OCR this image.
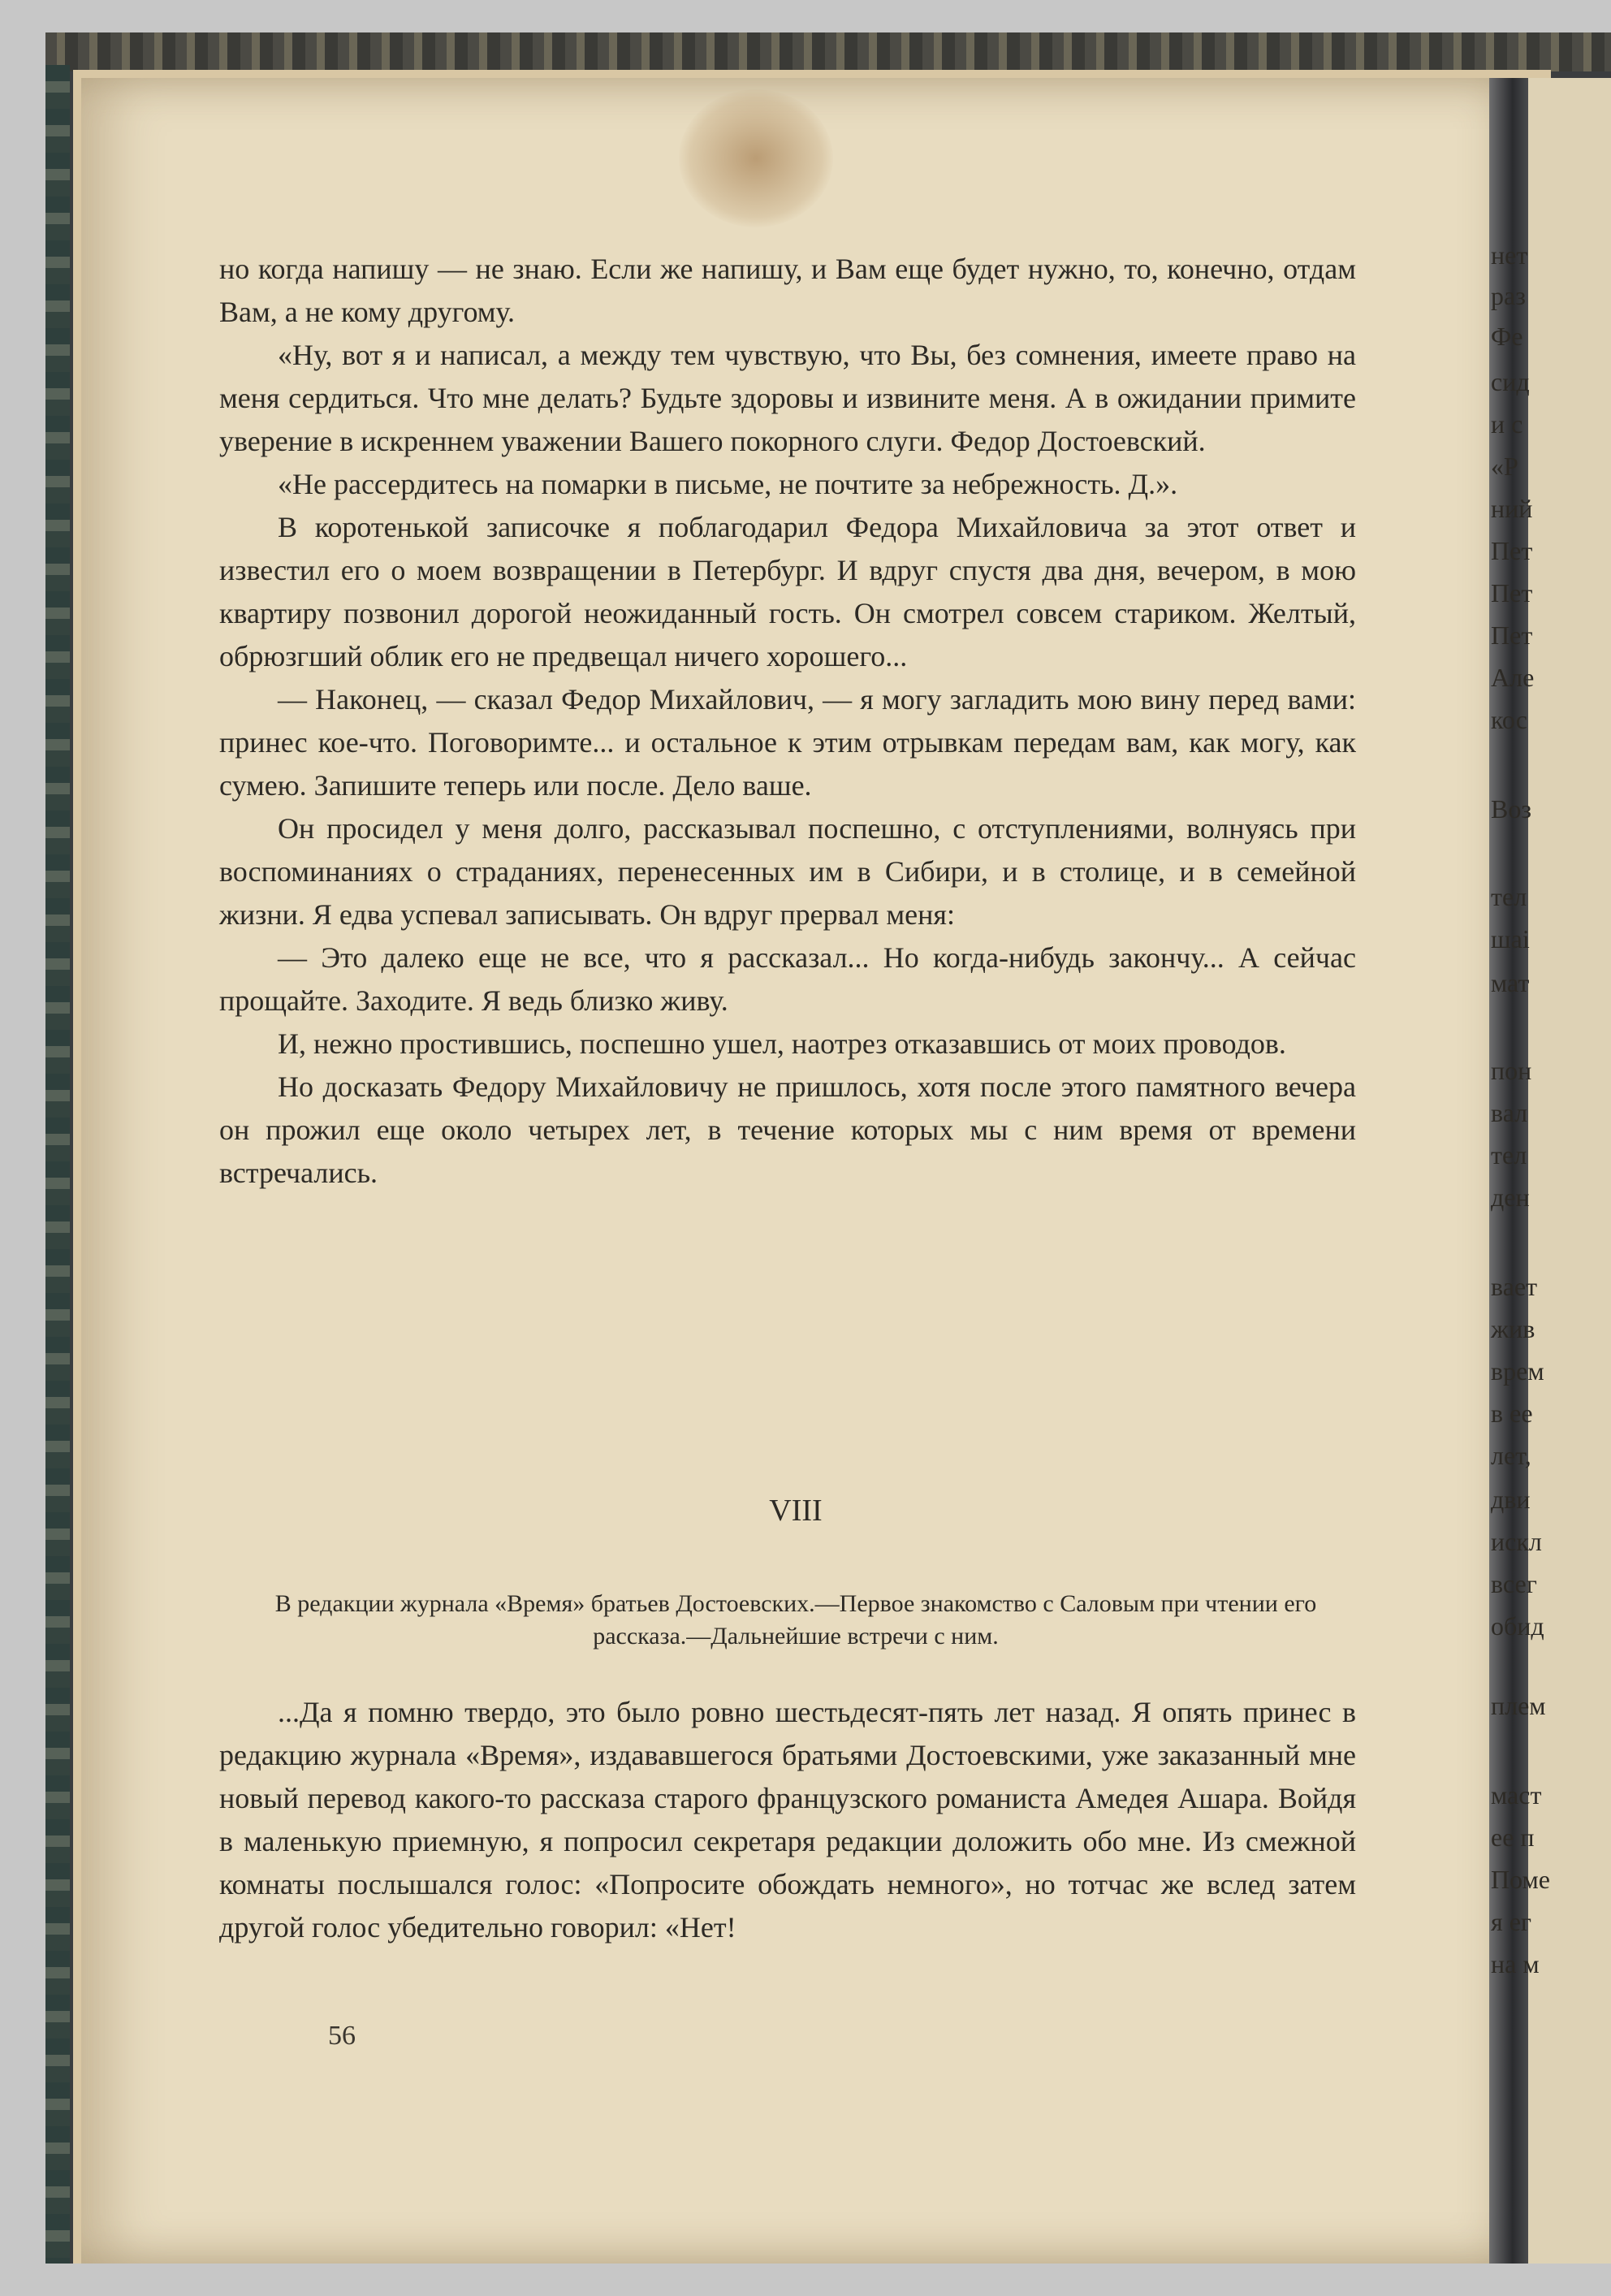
но когда напишу — не знаю. Если же напишу, и Вам еще будет нужно, то, конечно, отдам Вам, а не кому другому.

«Ну, вот я и написал, а между тем чувствую, что Вы, без сомнения, имеете право на меня сердиться. Что мне делать? Будьте здоровы и извините меня. А в ожидании примите уверение в искреннем уважении Вашего покорного слуги. Федор Достоевский.

«Не рассердитесь на помарки в письме, не почтите за небрежность. Д.».

В коротенькой записочке я поблагодарил Федора Михайловича за этот ответ и известил его о моем возвращении в Петербург. И вдруг спустя два дня, вечером, в мою квартиру позвонил дорогой неожиданный гость. Он смотрел совсем стариком. Желтый, обрюзгший облик его не предвещал ничего хорошего...

— Наконец, — сказал Федор Михайлович, — я могу загладить мою вину перед вами: принес кое-что. Поговоримте... и остальное к этим отрывкам передам вам, как могу, как сумею. Запишите теперь или после. Дело ваше.

Он просидел у меня долго, рассказывал поспешно, с отступлениями, волнуясь при воспоминаниях о страданиях, перенесенных им в Сибири, и в столице, и в семейной жизни. Я едва успевал записывать. Он вдруг прервал меня:

— Это далеко еще не все, что я рассказал... Но когда-нибудь закончу... А сейчас прощайте. Заходите. Я ведь близко живу.

И, нежно простившись, поспешно ушел, наотрез отказавшись от моих проводов.

Но досказать Федору Михайловичу не пришлось, хотя после этого памятного вечера он прожил еще около четырех лет, в течение которых мы с ним время от времени встречались.

VIII
В редакции журнала «Время» братьев Достоевских.—Первое знакомство с Саловым при чтении его рассказа.—Дальнейшие встречи с ним.

...Да я помню твердо, это было ровно шестьдесят-пять лет назад. Я опять принес в редакцию журнала «Время», издававшегося братьями Достоевскими, уже заказанный мне новый перевод какого-то рассказа старого французского романиста Амедея Ашара. Войдя в маленькую приемную, я попросил секретаря редакции доложить обо мне. Из смежной комнаты послышался голос: «Попросите обождать немного», но тотчас же вслед затем другой голос убедительно говорил: «Нет!

56
нет
раз
Фе
сид
и с
«Р
ний
Пет
Пет
Пет
Але
кос
Воз
тел
шаі
мат
пон
вал
тел
ден
вает
жив
врем
в ее
лет,
дви
искл
всег
обид
плем
маст
ее п
Поме
я ег
на м
